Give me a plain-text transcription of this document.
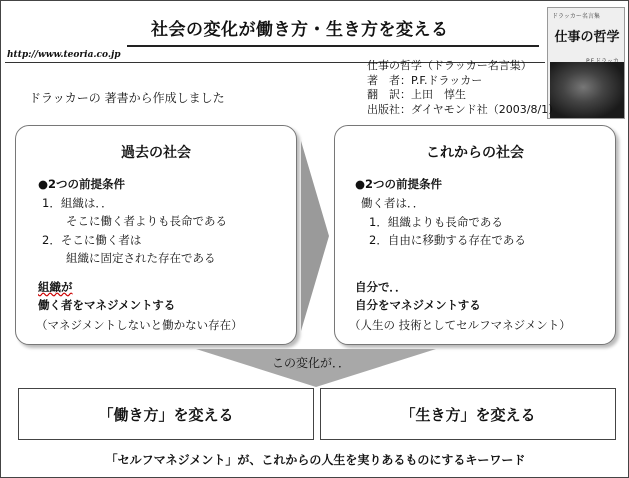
社会の変化が働き方・生き方を変える
http://www.teoria.co.jp
ドラッカー名言集
仕事の哲学
仕事の哲学（ドラッカー名言集）
著　者：P.F.ドラッカー
翻　訳：上田　惇生
出版社：ダイヤモンド社（2003/8/1）
ドラッカーの 著書から作成しました
過去の社会
●2つの前提条件
1．組織は．．
そこに働く者よりも長命である
2．そこに働く者は
組織に固定された存在である
組織が
働く者をマネジメントする
（マネジメントしないと働かない存在）
これからの社会
●2つの前提条件
働く者は．．
1．組織よりも長命である
2．自由に移動する存在である
自分で．．
自分をマネジメントする
（人生の 技術としてセルフマネジメント）
この変化が．．
「働き方」を変える	「生き方」を変える
「セルフマネジメント」が、これからの人生を実りあるものにするキーワード
